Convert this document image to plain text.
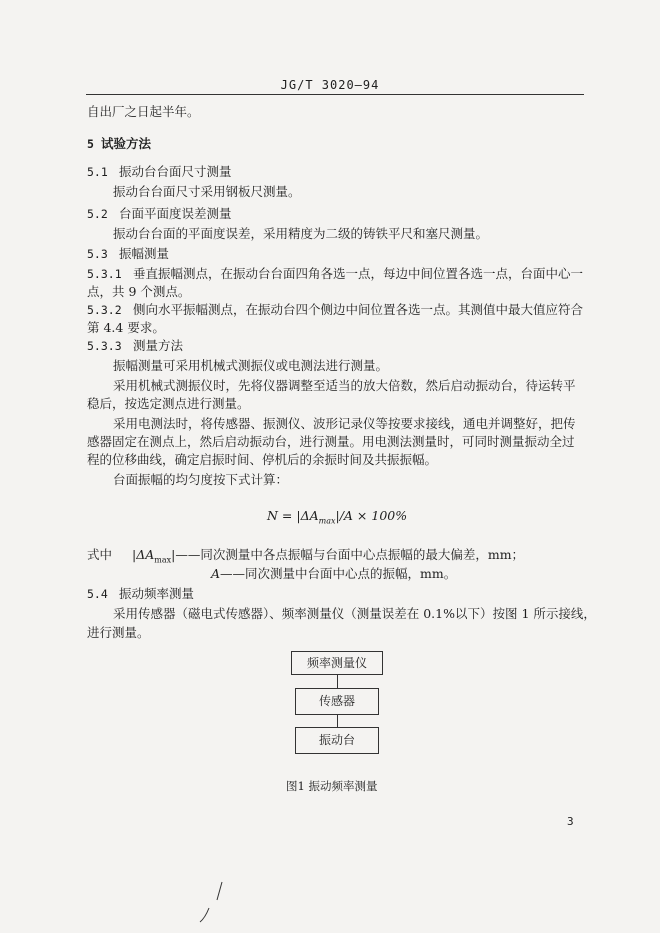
JG/T 3020—94
自出厂之日起半年。
5 试验方法
5.1 振动台台面尺寸测量
振动台台面尺寸采用钢板尺测量。
5.2 台面平面度误差测量
振动台台面的平面度误差，采用精度为二级的铸铁平尺和塞尺测量。
5.3 振幅测量
5.3.1 垂直振幅测点，在振动台台面四角各选一点，每边中间位置各选一点，台面中心一
点，共 9 个测点。
5.3.2 侧向水平振幅测点，在振动台四个侧边中间位置各选一点。其测值中最大值应符合
第 4.4 要求。
5.3.3 测量方法
振幅测量可采用机械式测振仪或电测法进行测量。
采用机械式测振仪时，先将仪器调整至适当的放大倍数，然后启动振动台，待运转平
稳后，按选定测点进行测量。
采用电测法时，将传感器、振测仪、波形记录仪等按要求接线，通电并调整好，把传
感器固定在测点上，然后启动振动台，进行测量。用电测法测量时，可同时测量振动全过
程的位移曲线，确定启振时间、停机后的余振时间及共振振幅。
台面振幅的均匀度按下式计算：
$N = |\Delta A_{max}|/A \times 100\%$
式中 $|\Delta A_{max}|——$同次测量中各点振幅与台面中心点振幅的最大偏差，mm；
A——同次测量中台面中心点的振幅，mm。
5.4 振动频率测量
采用传感器（磁电式传感器）、频率测量仪（测量误差在 0.1%以下）按图 1 所示接线，
进行测量。
频率测量仪
传感器
振动台
图1 振动频率测量
3
